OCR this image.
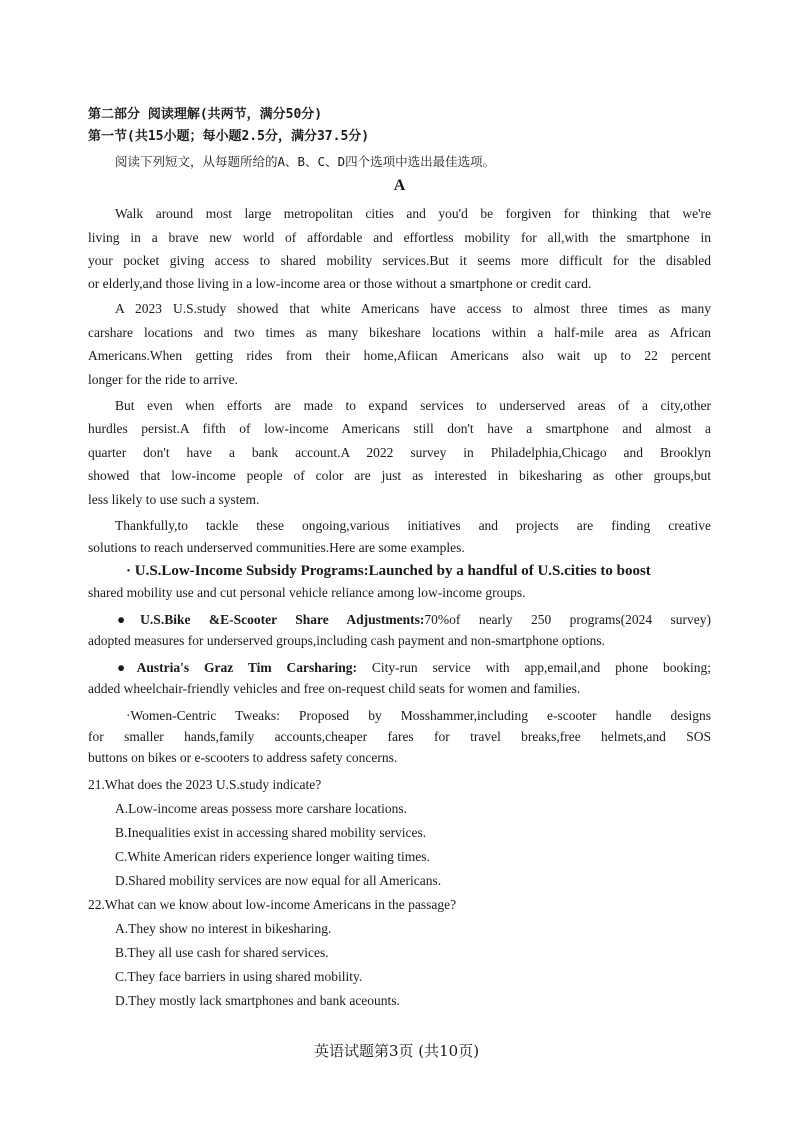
第二部分 阅读理解(共两节，满分50分)
第一节(共15小题；每小题2.5分，满分37.5分)
阅读下列短文，从每题所给的A、B、C、D四个选项中选出最佳选项。
A
Walk around most large metropolitan cities and you'd be forgiven for thinking that we're
living in a brave new world of affordable and effortless mobility for all,with the smartphone in
your pocket giving access to shared mobility services.But it seems more difficult for the disabled
or elderly,and those living in a low-income area or those without a smartphone or credit card.
A 2023 U.S.study showed that white Americans have access to almost three times as many
carshare locations and two times as many bikeshare locations within a half-mile area as African
Americans.When getting rides from their home,Afiican Americans also wait up to 22 percent
longer for the ride to arrive.
But even when efforts are made to expand services to underserved areas of a city,other
hurdles persist.A fifth of low-income Americans still don't have a smartphone and almost a
quarter don't have a bank account.A 2022 survey in Philadelphia,Chicago and Brooklyn
showed that low-income people of color are just as interested in bikesharing as other groups,but
less likely to use such a system.
Thankfully,to tackle these ongoing,various initiatives and projects are finding creative
solutions to reach underserved communities.Here are some examples.
· U.S.Low-Income Subsidy Programs:Launched by a handful of U.S.cities to boost
shared mobility use and cut personal vehicle reliance among low-income groups.
●U.S.Bike &E-Scooter Share Adjustments:70%of nearly 250 programs(2024 survey)
adopted measures for underserved groups,including cash payment and non-smartphone options.
●Austria's Graz Tim Carsharing: City-run service with app,email,and phone booking;
added wheelchair-friendly vehicles and free on-request child seats for women and families.
·Women-Centric Tweaks: Proposed by Mosshammer,including e-scooter handle designs
for smaller hands,family accounts,cheaper fares for travel breaks,free helmets,and SOS
buttons on bikes or e-scooters to address safety concerns.
21.What does the 2023 U.S.study indicate?
A.Low-income areas possess more carshare locations.
B.Inequalities exist in accessing shared mobility services.
C.White American riders experience longer waiting times.
D.Shared mobility services are now equal for all Americans.
22.What can we know about low-income Americans in the passage?
A.They show no interest in bikesharing.
B.They all use cash for shared services.
C.They face barriers in using shared mobility.
D.They mostly lack smartphones and bank aceounts.
英语试题第3页 (共10页)
